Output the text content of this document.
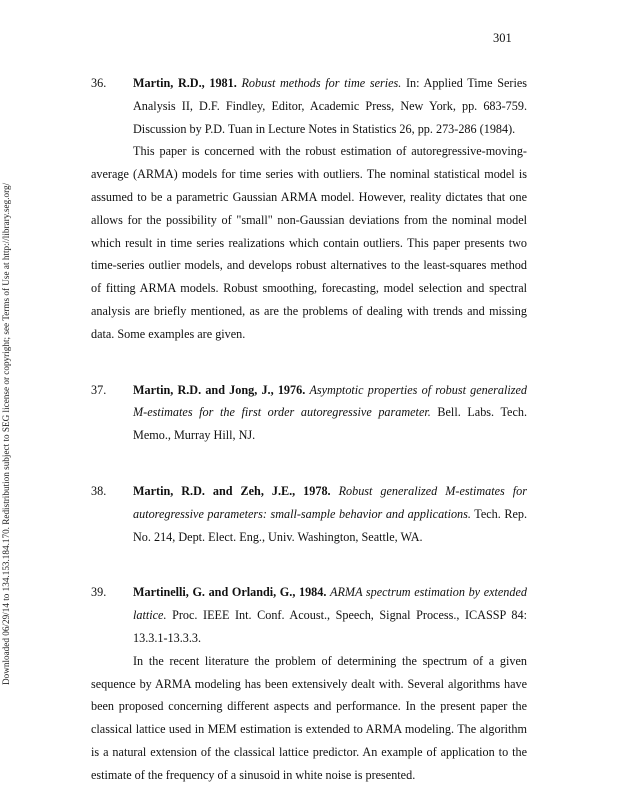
301
Downloaded 06/29/14 to 134.153.184.170. Redistribution subject to SEG license or copyright; see Terms of Use at http://library.seg.org/
36. Martin, R.D., 1981. Robust methods for time series. In: Applied Time Series Analysis II, D.F. Findley, Editor, Academic Press, New York, pp. 683-759. Discussion by P.D. Tuan in Lecture Notes in Statistics 26, pp. 273-286 (1984).

This paper is concerned with the robust estimation of autoregressive-moving-average (ARMA) models for time series with outliers. The nominal statistical model is assumed to be a parametric Gaussian ARMA model. However, reality dictates that one allows for the possibility of "small" non-Gaussian deviations from the nominal model which result in time series realizations which contain outliers. This paper presents two time-series outlier models, and develops robust alternatives to the least-squares method of fitting ARMA models. Robust smoothing, forecasting, model selection and spectral analysis are briefly mentioned, as are the problems of dealing with trends and missing data. Some examples are given.

37. Martin, R.D. and Jong, J., 1976. Asymptotic properties of robust generalized M-estimates for the first order autoregressive parameter. Bell. Labs. Tech. Memo., Murray Hill, NJ.
38. Martin, R.D. and Zeh, J.E., 1978. Robust generalized M-estimates for autoregressive parameters: small-sample behavior and applications. Tech. Rep. No. 214, Dept. Elect. Eng., Univ. Washington, Seattle, WA.
39. Martinelli, G. and Orlandi, G., 1984. ARMA spectrum estimation by extended lattice. Proc. IEEE Int. Conf. Acoust., Speech, Signal Process., ICASSP 84: 13.3.1-13.3.3.

In the recent literature the problem of determining the spectrum of a given sequence by ARMA modeling has been extensively dealt with. Several algorithms have been proposed concerning different aspects and performance. In the present paper the classical lattice used in MEM estimation is extended to ARMA modeling. The algorithm is a natural extension of the classical lattice predictor. An example of application to the estimate of the frequency of a sinusoid in white noise is presented.
